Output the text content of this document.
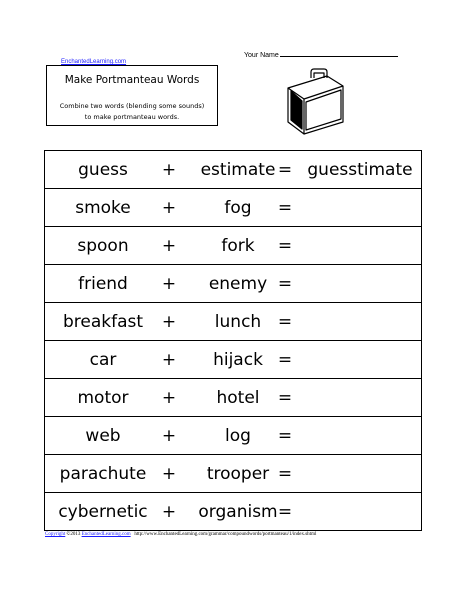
EnchantedLearning.com
Your Name
Make Portmanteau Words
Combine two words (blending some sounds)
to make portmanteau words.
guess	+	estimate = guesstimate
smoke	+	fog	=
spoon	+	fork	=
friend	+	enemy =
breakfast	+	lunch =
car	+	hijack =
motor	+	hotel	=
web	+	log	=
parachute +	trooper =
cybernetic +	organism =
Copyright ©2013 EnchantedLearning.com http://www.EnchantedLearning.com/grammar/compoundwords/portmanteau/1/index.shtml
